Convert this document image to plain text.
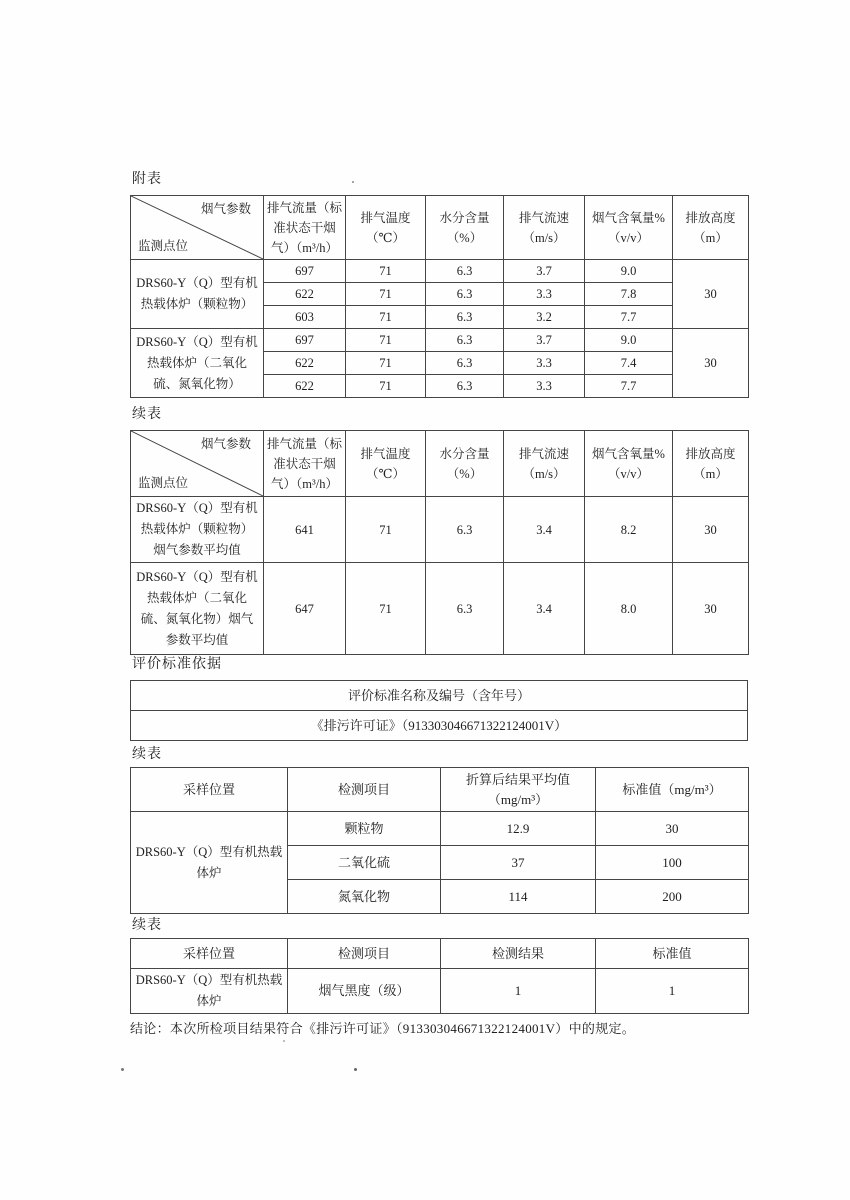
附表
烟气参数
监测点位	排气流量（标准状态干烟气）（m³/h）	排气温度（℃）	水分含量（%）	排气流速（m/s）	烟气含氧量%（v/v）	排放高度（m）
DRS60-Y（Q）型有机热载体炉（颗粒物）	697	71	6.3	3.7	9.0	30
	622	71	6.3	3.3	7.8	
	603	71	6.3	3.2	7.7	
DRS60-Y（Q）型有机热载体炉（二氧化硫、氮氧化物）	697	71	6.3	3.7	9.0	30
	622	71	6.3	3.3	7.4	
	622	71	6.3	3.3	7.7	
续表
烟气参数
监测点位	排气流量（标准状态干烟气）（m³/h）	排气温度（℃）	水分含量（%）	排气流速（m/s）	烟气含氧量%（v/v）	排放高度（m）
DRS60-Y（Q）型有机热载体炉（颗粒物）烟气参数平均值	641	71	6.3	3.4	8.2	30
DRS60-Y（Q）型有机热载体炉（二氧化硫、氮氧化物）烟气参数平均值	647	71	6.3	3.4	8.0	30
评价标准依据
评价标准名称及编号（含年号）
《排污许可证》（913303046671322124001V）
续表
采样位置	检测项目	折算后结果平均值（mg/m³）	标准值（mg/m³）
DRS60-Y（Q）型有机热载体炉	颗粒物	12.9	30
	二氧化硫	37	100
	氮氧化物	114	200
续表
采样位置	检测项目	检测结果	标准值
DRS60-Y（Q）型有机热载体炉	烟气黑度（级）	1	1
结论：本次所检项目结果符合《排污许可证》（913303046671322124001V）中的规定。
